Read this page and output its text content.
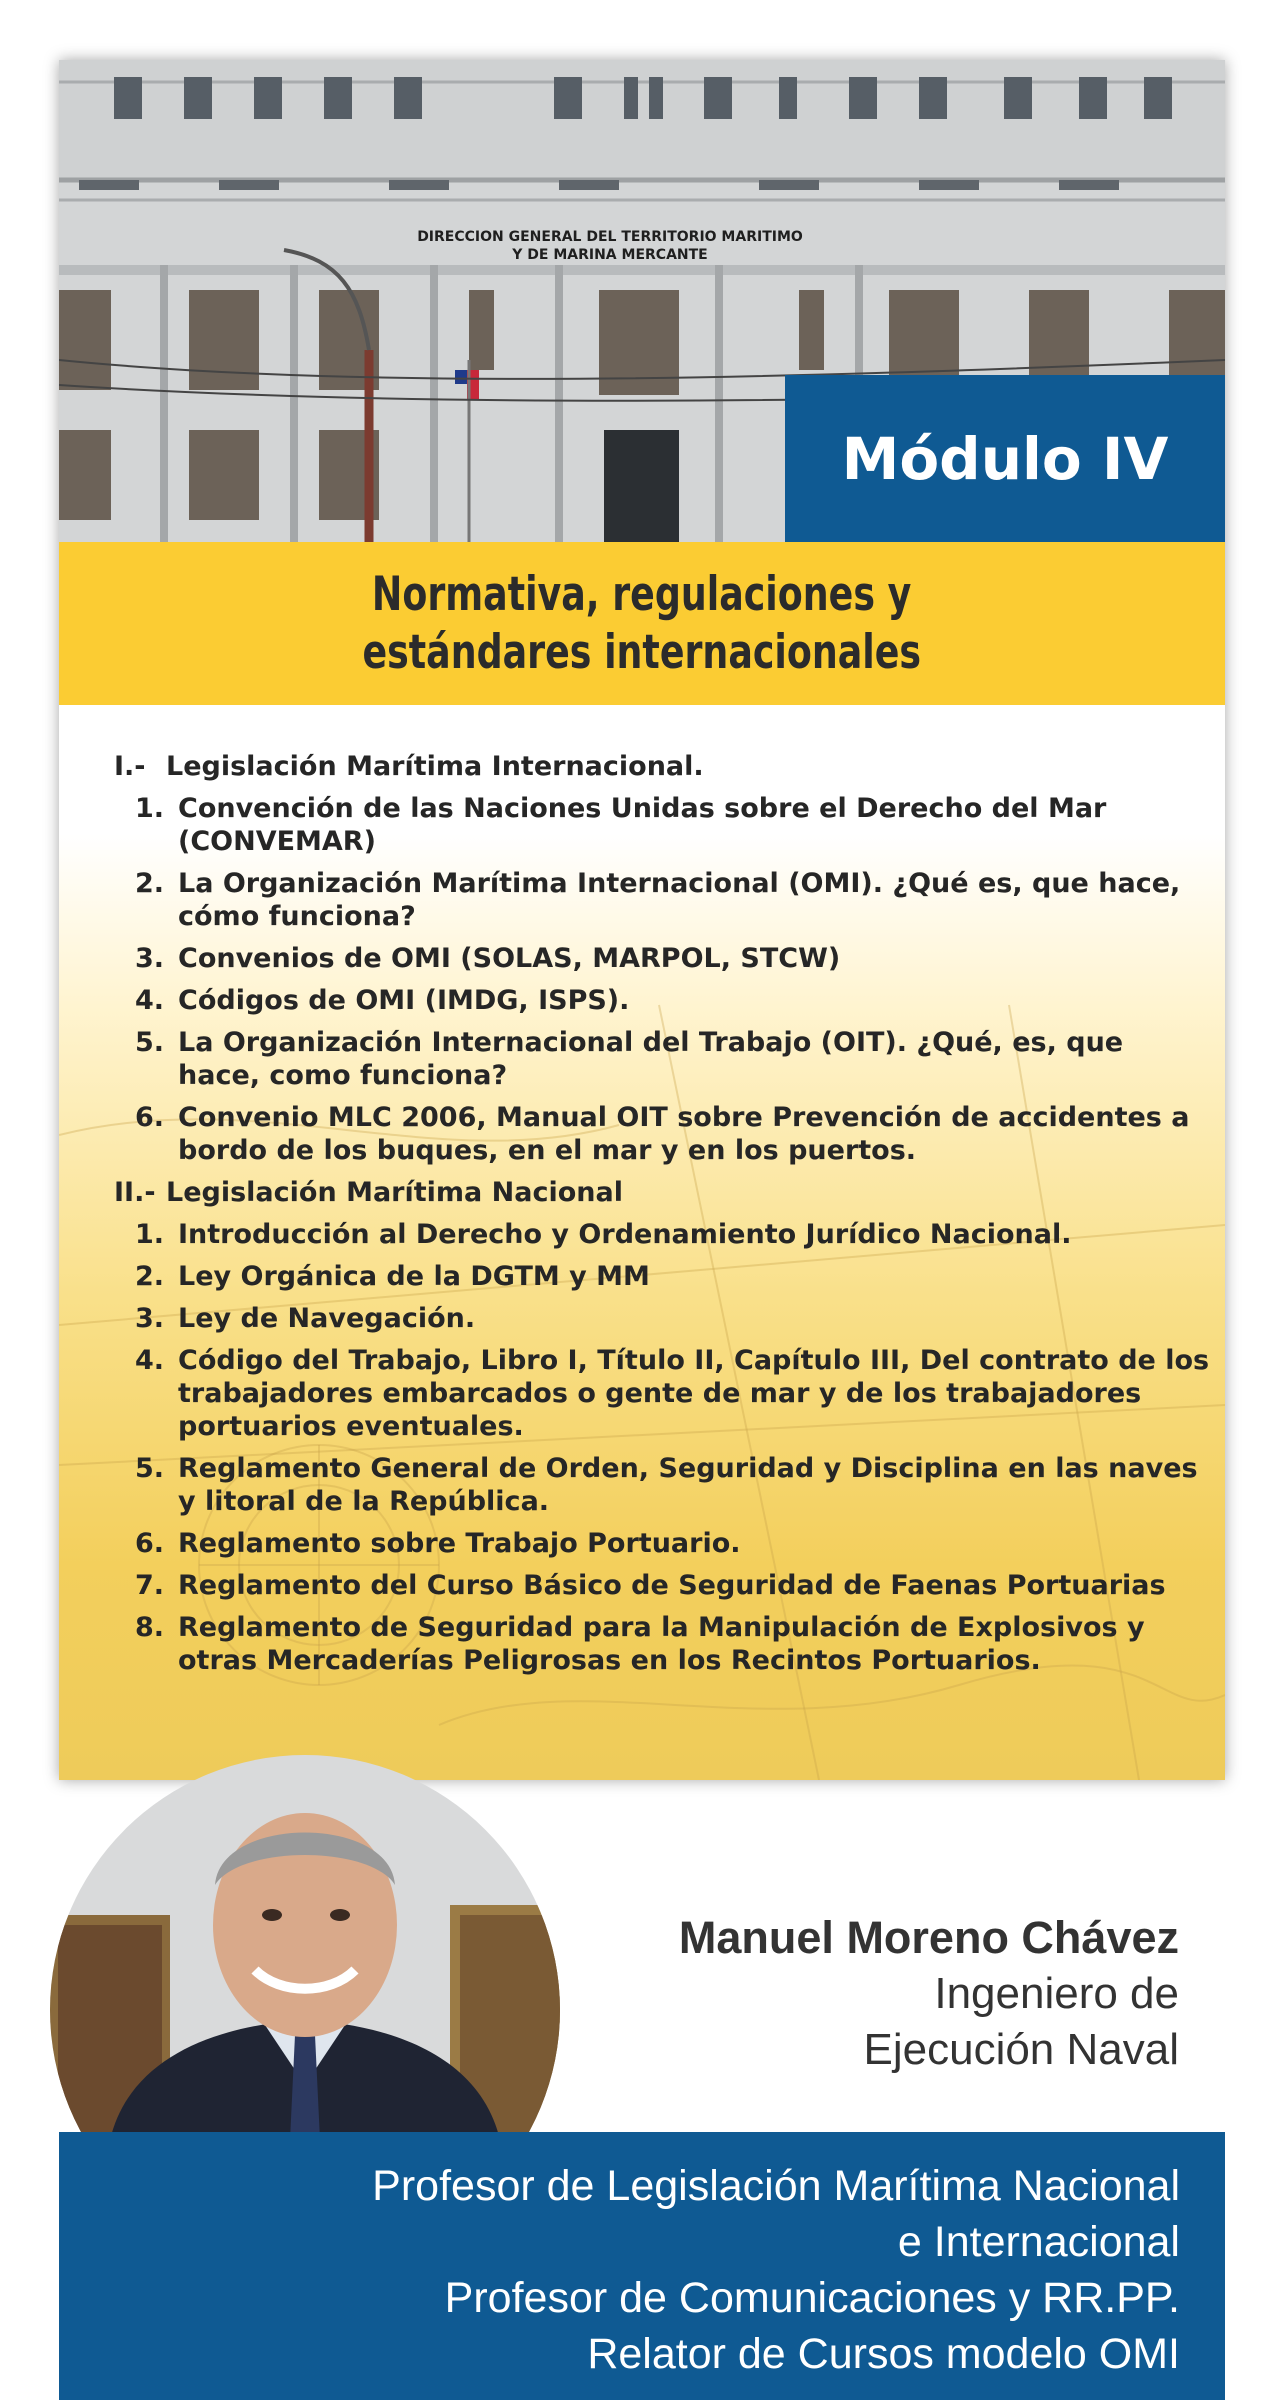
DIRECCION GENERAL DEL TERRITORIO MARITIMO
Y DE MARINA MERCANTE
Módulo IV
Normativa, regulaciones y
estándares internacionales
I.- Legislación Marítima Internacional.
1. Convención de las Naciones Unidas sobre el Derecho del Mar (CONVEMAR)
2. La Organización Marítima Internacional (OMI). ¿Qué es, que hace, cómo funciona?
3. Convenios de OMI (SOLAS, MARPOL, STCW)
4. Códigos de OMI (IMDG, ISPS).
5. La Organización Internacional del Trabajo (OIT). ¿Qué, es, que hace, como funciona?
6. Convenio MLC 2006, Manual OIT sobre Prevención de accidentes a bordo de los buques, en el mar y en los puertos.
II.- Legislación Marítima Nacional
1. Introducción al Derecho y Ordenamiento Jurídico Nacional.
2. Ley Orgánica de la DGTM y MM
3. Ley de Navegación.
4. Código del Trabajo, Libro I, Título II, Capítulo III, Del contrato de los trabajadores embarcados o gente de mar y de los trabajadores portuarios eventuales.
5. Reglamento General de Orden, Seguridad y Disciplina en las naves y litoral de la República.
6. Reglamento sobre Trabajo Portuario.
7. Reglamento del Curso Básico de Seguridad de Faenas Portuarias
8. Reglamento de Seguridad para la Manipulación de Explosivos y otras Mercaderías Peligrosas en los Recintos Portuarios.
Manuel Moreno Chávez
Ingeniero de
Ejecución Naval
Profesor de Legislación Marítima Nacional
e Internacional
Profesor de Comunicaciones y RR.PP.
Relator de Cursos modelo OMI
